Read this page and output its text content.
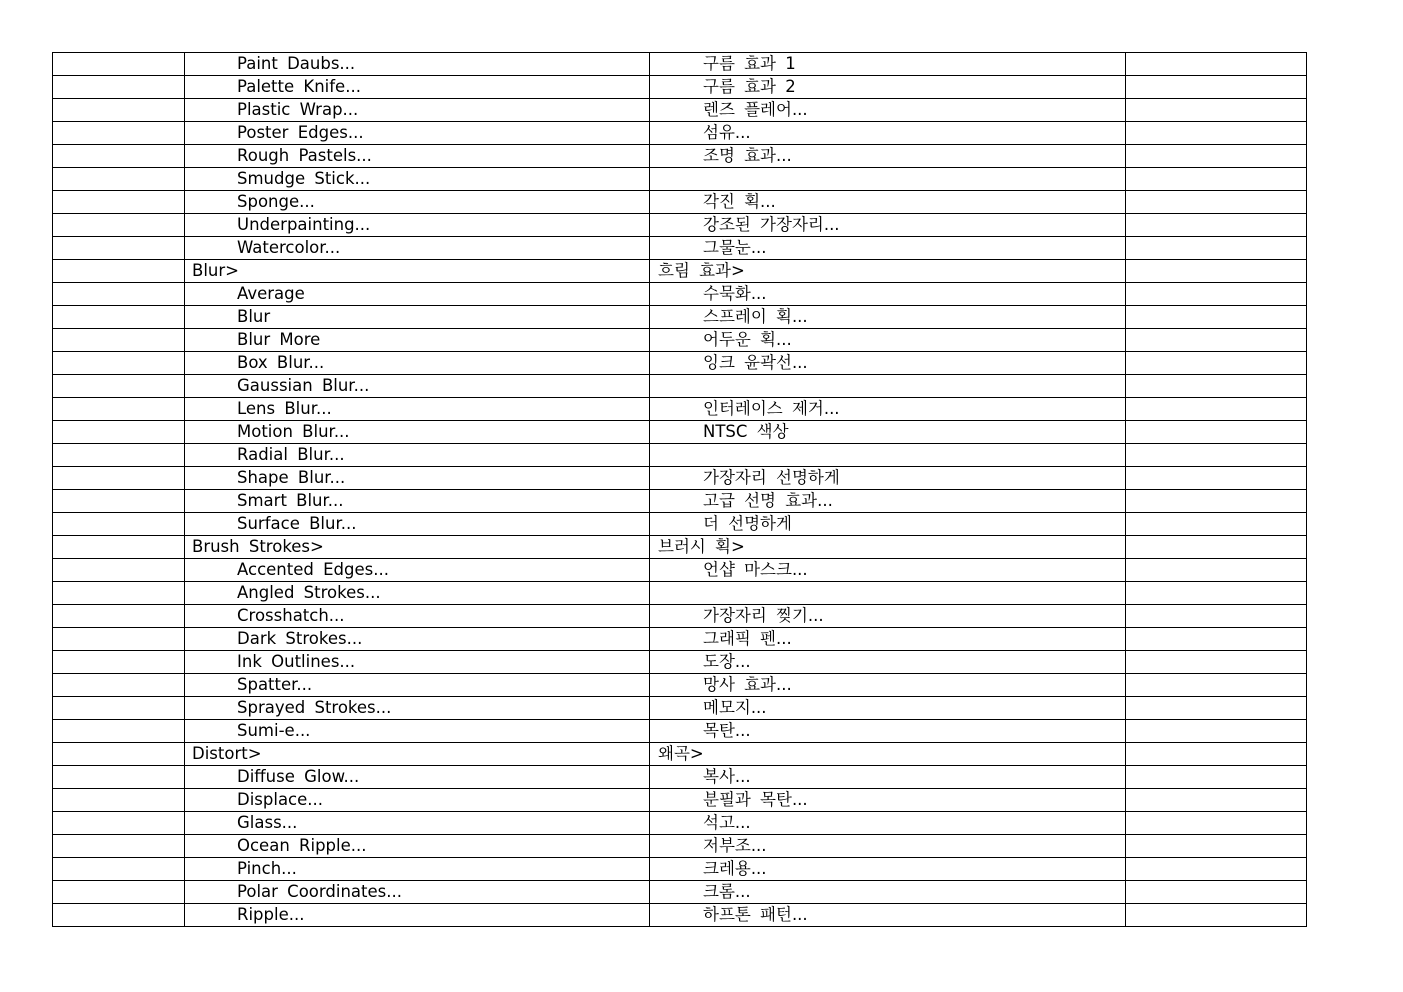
	Paint Daubs...	구름 효과 1	
	Palette Knife...	구름 효과 2	
	Plastic Wrap...	렌즈 플레어...	
	Poster Edges...	섬유...	
	Rough Pastels...	조명 효과...	
	Smudge Stick...		
	Sponge...	각진 획...	
	Underpainting...	강조된 가장자리...	
	Watercolor...	그물눈...	
	Blur>	흐림 효과>	
	Average	수묵화...	
	Blur	스프레이 획...	
	Blur More	어두운 획...	
	Box Blur...	잉크 윤곽선...	
	Gaussian Blur...		
	Lens Blur...	인터레이스 제거...	
	Motion Blur...	NTSC 색상	
	Radial Blur...		
	Shape Blur...	가장자리 선명하게	
	Smart Blur...	고급 선명 효과...	
	Surface Blur...	더 선명하게	
	Brush Strokes>	브러시 획>	
	Accented Edges...	언샵 마스크...	
	Angled Strokes...		
	Crosshatch...	가장자리 찢기...	
	Dark Strokes...	그래픽 펜...	
	Ink Outlines...	도장...	
	Spatter...	망사 효과...	
	Sprayed Strokes...	메모지...	
	Sumi-e...	목탄...	
	Distort>	왜곡>	
	Diffuse Glow...	복사...	
	Displace...	분필과 목탄...	
	Glass...	석고...	
	Ocean Ripple...	저부조...	
	Pinch...	크레용...	
	Polar Coordinates...	크롬...	
	Ripple...	하프톤 패턴...	
